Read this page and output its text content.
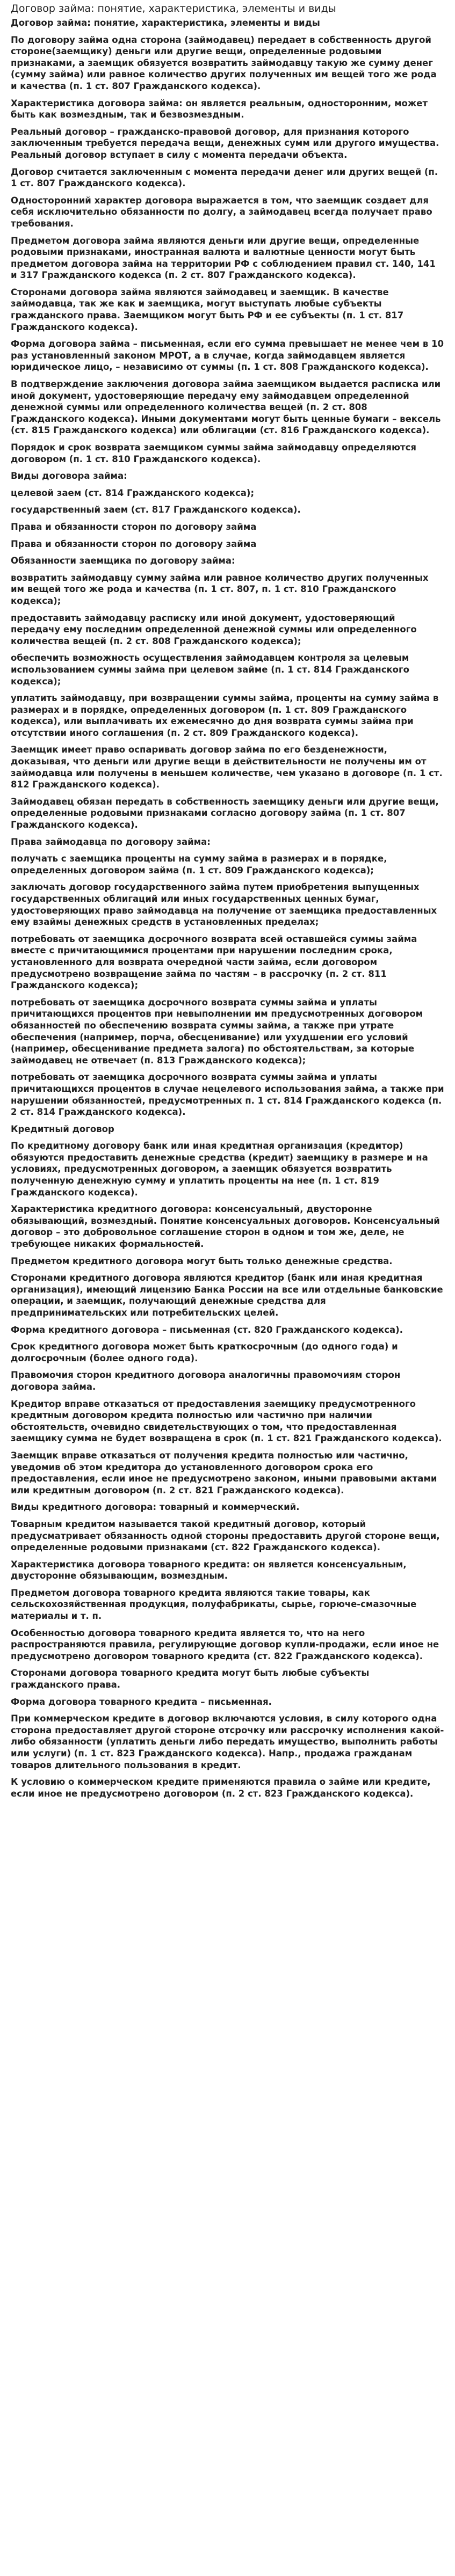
Договор займа: понятие, характеристика, элементы и виды

Договор займа: понятие, характеристика, элементы и виды

По договору займа одна сторона (займодавец) передает в собственность другой стороне(заемщику) деньги или другие вещи, определенные родовыми признаками, а заемщик обязуется возвратить займодавцу такую же сумму денег (сумму займа) или равное количество других полученных им вещей того же рода и качества (п. 1 ст. 807 Гражданского кодекса).

Характеристика договора займа: он является реальным, односторонним, может быть как возмездным, так и безвозмездным.

Реальный договор – гражданско-правовой договор, для признания которого заключенным требуется передача вещи, денежных сумм или другого имущества. Реальный договор вступает в силу с момента передачи объекта.

Договор считается заключенным с момента передачи денег или других вещей (п. 1 ст. 807 Гражданского кодекса).

Односторонний характер договора выражается в том, что заемщик создает для себя исключительно обязанности по долгу, а займодавец всегда получает право требования.

Предметом договора займа являются деньги или другие вещи, определенные родовыми признаками, иностранная валюта и валютные ценности могут быть предметом договора займа на территории РФ с соблюдением правил ст. 140, 141 и 317 Гражданского кодекса (п. 2 ст. 807 Гражданского кодекса).

Сторонами договора займа являются займодавец и заемщик. В качестве займодавца, так же как и заемщика, могут выступать любые субъекты гражданского права. Заемщиком могут быть РФ и ее субъекты (п. 1 ст. 817 Гражданского кодекса).

Форма договора займа – письменная, если его сумма превышает не менее чем в 10 раз установленный законом МРОТ, а в случае, когда займодавцем является юридическое лицо, – независимо от суммы (п. 1 ст. 808 Гражданского кодекса).

В подтверждение заключения договора займа заемщиком выдается расписка или иной документ, удостоверяющие передачу ему займодавцем определенной денежной суммы или определенного количества вещей (п. 2 ст. 808 Гражданского кодекса). Иными документами могут быть ценные бумаги – вексель (ст. 815 Гражданского кодекса) или облигации (ст. 816 Гражданского кодекса).

Порядок и срок возврата заемщиком суммы займа займодавцу определяются договором (п. 1 ст. 810 Гражданского кодекса).

Виды договора займа:

целевой заем (ст. 814 Гражданского кодекса);

государственный заем (ст. 817 Гражданского кодекса).

Права и обязанности сторон по договору займа

Права и обязанности сторон по договору займа

Обязанности заемщика по договору займа:

возвратить займодавцу сумму займа или равное количество других полученных им вещей того же рода и качества (п. 1 ст. 807, п. 1 ст. 810 Гражданского кодекса);

предоставить займодавцу расписку или иной документ, удостоверяющий передачу ему последним определенной денежной суммы или определенного количества вещей (п. 2 ст. 808 Гражданского кодекса);

обеспечить возможность осуществления займодавцем контроля за целевым использованием суммы займа при целевом займе (п. 1 ст. 814 Гражданского кодекса);

уплатить займодавцу, при возвращении суммы займа, проценты на сумму займа в размерах и в порядке, определенных договором (п. 1 ст. 809 Гражданского кодекса), или выплачивать их ежемесячно до дня возврата суммы займа при отсутствии иного соглашения (п. 2 ст. 809 Гражданского кодекса).

Заемщик имеет право оспаривать договор займа по его безденежности, доказывая, что деньги или другие вещи в действительности не получены им от займодавца или получены в меньшем количестве, чем указано в договоре (п. 1 ст. 812 Гражданского кодекса).

Займодавец обязан передать в собственность заемщику деньги или другие вещи, определенные родовыми признаками согласно договору займа (п. 1 ст. 807 Гражданского кодекса).

Права займодавца по договору займа:

получать с заемщика проценты на сумму займа в размерах и в порядке, определенных договором займа (п. 1 ст. 809 Гражданского кодекса);

заключать договор государственного займа путем приобретения выпущенных государственных облигаций или иных государственных ценных бумаг, удостоверяющих право займодавца на получение от заемщика предоставленных ему взаймы денежных средств в установленных пределах;

потребовать от заемщика досрочного возврата всей оставшейся суммы займа вместе с причитающимися процентами при нарушении последним срока, установленного для возврата очередной части займа, если договором предусмотрено возвращение займа по частям – в рассрочку (п. 2 ст. 811 Гражданского кодекса);

потребовать от заемщика досрочного возврата суммы займа и уплаты причитающихся процентов при невыполнении им предусмотренных договором обязанностей по обеспечению возврата суммы займа, а также при утрате обеспечения (например, порча, обесценивание) или ухудшении его условий (например, обесценивание предмета залога) по обстоятельствам, за которые займодавец не отвечает (п. 813 Гражданского кодекса);

потребовать от заемщика досрочного возврата суммы займа и уплаты причитающихся процентов в случае нецелевого использования займа, а также при нарушении обязанностей, предусмотренных п. 1 ст. 814 Гражданского кодекса (п. 2 ст. 814 Гражданского кодекса).

Кредитный договор

По кредитному договору банк или иная кредитная организация (кредитор) обязуются предоставить денежные средства (кредит) заемщику в размере и на условиях, предусмотренных договором, а заемщик обязуется возвратить полученную денежную сумму и уплатить проценты на нее (п. 1 ст. 819 Гражданского кодекса).

Характеристика кредитного договора: консенсуальный, двусторонне обязывающий, возмездный. Понятие консенсуальных договоров. Консенсуальный договор – это добровольное соглашение сторон в одном и том же, деле, не требующее никаких формальностей.

Предметом кредитного договора могут быть только денежные средства.

Сторонами кредитного договора являются кредитор (банк или иная кредитная организация), имеющий лицензию Банка России на все или отдельные банковские операции, и заемщик, получающий денежные средства для предпринимательских или потребительских целей.

Форма кредитного договора – письменная (ст. 820 Гражданского кодекса).

Срок кредитного договора может быть краткосрочным (до одного года) и долгосрочным (более одного года).

Правомочия сторон кредитного договора аналогичны правомочиям сторон договора займа.

Кредитор вправе отказаться от предоставления заемщику предусмотренного кредитным договором кредита полностью или частично при наличии обстоятельств, очевидно свидетельствующих о том, что предоставленная заемщику сумма не будет возвращена в срок (п. 1 ст. 821 Гражданского кодекса).

Заемщик вправе отказаться от получения кредита полностью или частично, уведомив об этом кредитора до установленного договором срока его предоставления, если иное не предусмотрено законом, иными правовыми актами или кредитным договором (п. 2 ст. 821 Гражданского кодекса).

Виды кредитного договора: товарный и коммерческий.

Товарным кредитом называется такой кредитный договор, который предусматривает обязанность одной стороны предоставить другой стороне вещи, определенные родовыми признаками (ст. 822 Гражданского кодекса).

Характеристика договора товарного кредита: он является консенсуальным, двусторонне обязывающим, возмездным.

Предметом договора товарного кредита являются такие товары, как сельскохозяйственная продукция, полуфабрикаты, сырье, горюче-смазочные материалы и т. п.

Особенностью договора товарного кредита является то, что на него распространяются правила, регулирующие договор купли-продажи, если иное не предусмотрено договором товарного кредита (ст. 822 Гражданского кодекса).

Сторонами договора товарного кредита могут быть любые субъекты гражданского права.

Форма договора товарного кредита – письменная.

При коммерческом кредите в договор включаются условия, в силу которого одна сторона предоставляет другой стороне отсрочку или рассрочку исполнения какой-либо обязанности (уплатить деньги либо передать имущество, выполнить работы или услуги) (п. 1 ст. 823 Гражданского кодекса). Напр., продажа гражданам товаров длительного пользования в кредит.

К условию о коммерческом кредите применяются правила о займе или кредите, если иное не предусмотрено договором (п. 2 ст. 823 Гражданского кодекса).
